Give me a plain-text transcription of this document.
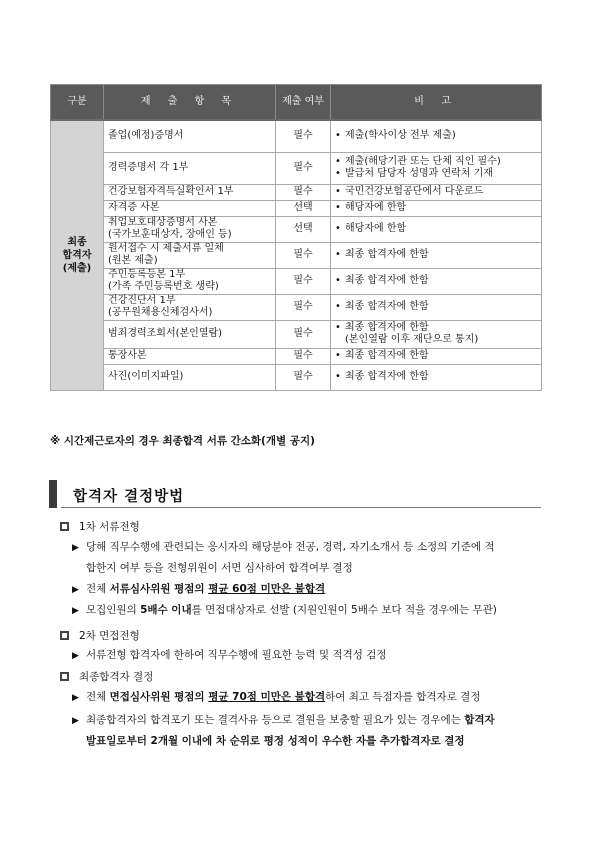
구분	제 출 항 목	제출 여부	비 고

최종
합격자
(제출)	졸업(예정)증명서	필수	• 제출(학사이상 전부 제출)

	경력증명서 각 1부	필수	• 제출(해당기관 또는 단체 직인 필수)
• 발급처 담당자 성명과 연락처 기재

	건강보험자격득실확인서 1부	필수	• 국민건강보험공단에서 다운로드

	자격증 사본	선택	• 해당자에 한함

	취업보호대상증명서 사본
(국가보훈대상자, 장애인 등)	선택	• 해당자에 한함

	원서접수 시 제출서류 일체
(원본 제출)	필수	• 최종 합격자에 한함

	주민등록등본 1부
(가족 주민등록번호 생략)	필수	• 최종 합격자에 한함

	건강진단서 1부
(공무원채용신체검사서)	필수	• 최종 합격자에 한함

	범죄경력조회서(본인열람)	필수	• 최종 합격자에 한함
(본인열람 이후 재단으로 통지)

	통장사본	필수	• 최종 합격자에 한함

	사진(이미지파일)	필수	• 최종 합격자에 한함
※ 시간제근로자의 경우 최종합격 서류 간소화(개별 공지)
합격자 결정방법
1차 서류전형
▶ 당해 직무수행에 관련되는 응시자의 해당분야 전공, 경력, 자기소개서 등 소정의 기준에 적
합한지 여부 등을 전형위원이 서면 심사하여 합격여부 결정
▶ 전체 서류심사위원 평점의 평균 60점 미만은 불합격
▶ 모집인원의 5배수 이내를 면접대상자로 선발 (지원인원이 5배수 보다 적을 경우에는 무관)
2차 면접전형
▶ 서류전형 합격자에 한하여 직무수행에 필요한 능력 및 적격성 검정
최종합격자 결정
▶ 전체 면접심사위원 평점의 평균 70점 미만은 불합격하여 최고 득점자를 합격자로 결정
▶ 최종합격자의 합격포기 또는 결격사유 등으로 결원을 보충할 필요가 있는 경우에는 합격자
발표일로부터 2개월 이내에 차 순위로 평정 성적이 우수한 자를 추가합격자로 결정
